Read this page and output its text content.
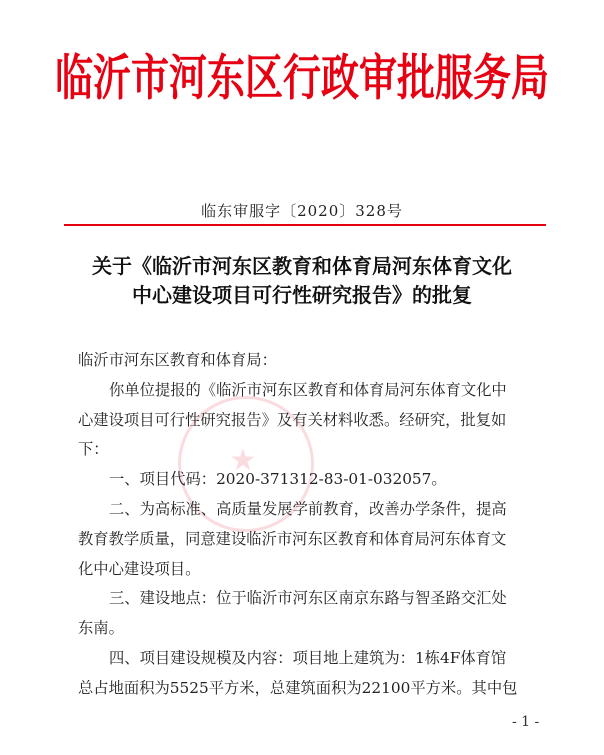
临沂市河东区行政审批服务局
临东审服字〔2020〕328号
关于《临沂市河东区教育和体育局河东体育文化
中心建设项目可行性研究报告》的批复
★

临沂市河东区教育和体育局：

你单位提报的《临沂市河东区教育和体育局河东体育文化中

心建设项目可行性研究报告》及有关材料收悉。经研究，批复如

下：

一、项目代码：2020-371312-83-01-032057。

二、为高标准、高质量发展学前教育，改善办学条件，提高

教育教学质量，同意建设临沂市河东区教育和体育局河东体育文

化中心建设项目。

三、建设地点：位于临沂市河东区南京东路与智圣路交汇处

东南。

四、项目建设规模及内容：项目地上建筑为：1栋4F体育馆

总占地面积为5525平方米，总建筑面积为22100平方米。其中包

- 1 -
